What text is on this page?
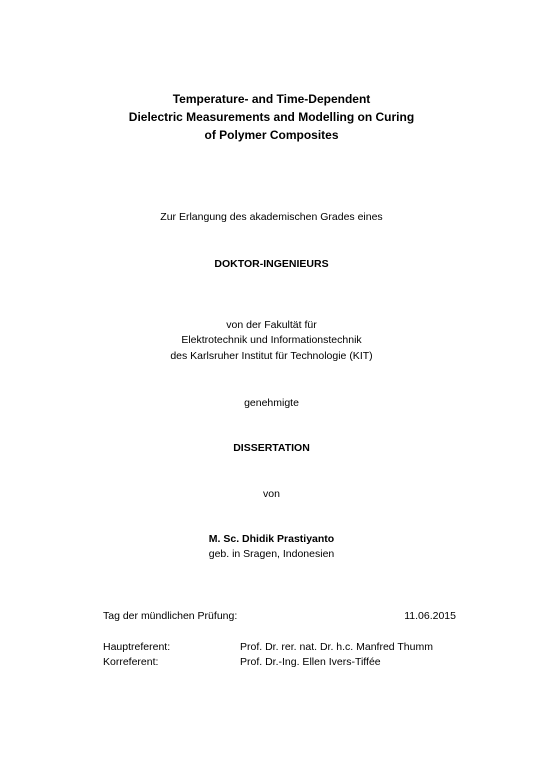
Temperature- and Time-Dependent
Dielectric Measurements and Modelling on Curing
of Polymer Composites
Zur Erlangung des akademischen Grades eines
DOKTOR-INGENIEURS
von der Fakultät für
Elektrotechnik und Informationstechnik
des Karlsruher Institut für Technologie (KIT)
genehmigte
DISSERTATION
von
M. Sc. Dhidik Prastiyanto
geb. in Sragen, Indonesien
Tag der mündlichen Prüfung:	11.06.2015
Hauptreferent:	Prof. Dr. rer. nat. Dr. h.c. Manfred Thumm
Korreferent:	Prof. Dr.-Ing. Ellen Ivers-Tiffée
